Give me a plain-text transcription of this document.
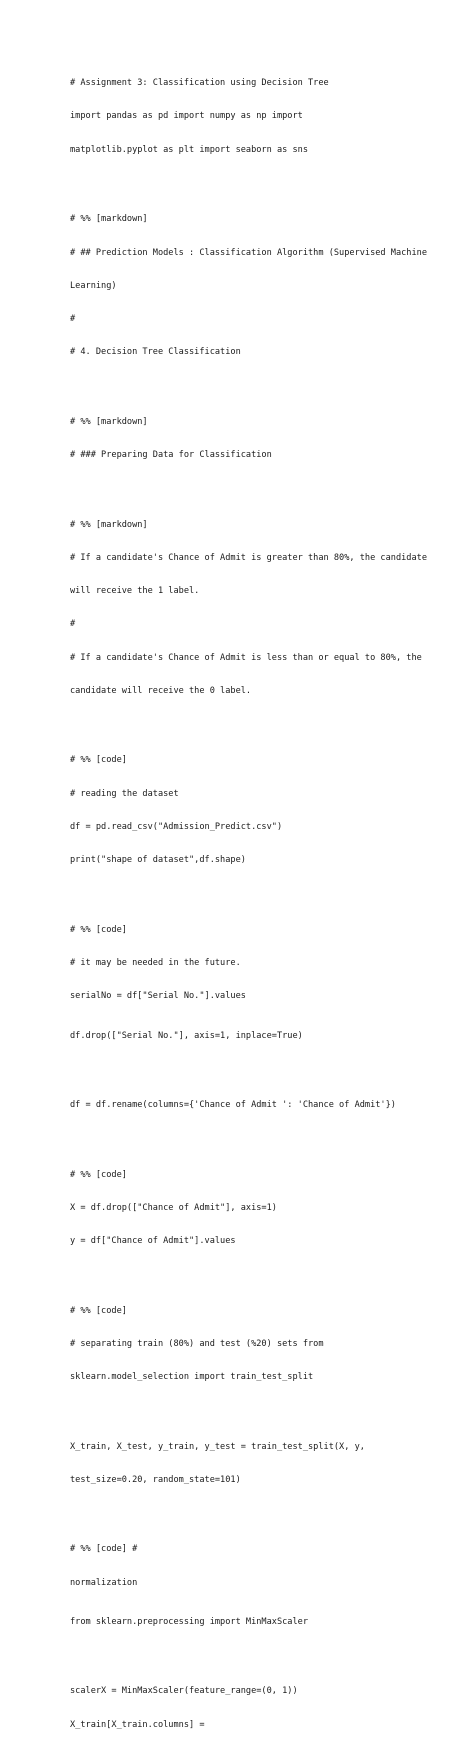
# Assignment 3: Classification using Decision Tree

import pandas as pd import numpy as np import

matplotlib.pyplot as plt import seaborn as sns

# %% [markdown]

# ## Prediction Models : Classification Algorithm (Supervised Machine

Learning)

#

# 4. Decision Tree Classification

# %% [markdown]

# ### Preparing Data for Classification

# %% [markdown]

# If a candidate's Chance of Admit is greater than 80%, the candidate

will receive the 1 label.

#

# If a candidate's Chance of Admit is less than or equal to 80%, the

candidate will receive the 0 label.

# %% [code]

# reading the dataset

df = pd.read_csv("Admission_Predict.csv")

print("shape of dataset",df.shape)

# %% [code]

# it may be needed in the future.

serialNo = df["Serial No."].values

df.drop(["Serial No."], axis=1, inplace=True)

df = df.rename(columns={'Chance of Admit ': 'Chance of Admit'})

# %% [code]

X = df.drop(["Chance of Admit"], axis=1)

y = df["Chance of Admit"].values

# %% [code]

# separating train (80%) and test (%20) sets from

sklearn.model_selection import train_test_split

X_train, X_test, y_train, y_test = train_test_split(X, y,

test_size=0.20, random_state=101)

# %% [code] #

normalization

from sklearn.preprocessing import MinMaxScaler

scalerX = MinMaxScaler(feature_range=(0, 1))

X_train[X_train.columns] =
